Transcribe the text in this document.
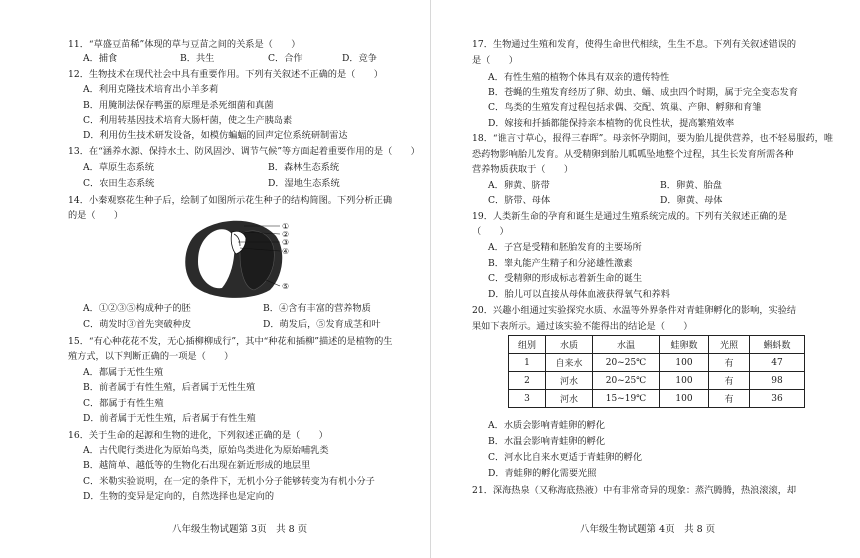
11．“草盛豆苗稀”体现的草与豆苗之间的关系是（　　）
A．捕食	B．共生	C．合作	D．竞争
12．生物技术在现代社会中具有重要作用。下列有关叙述不正确的是（　　）
A．利用克隆技术培育出小羊多莉
B．用腌制法保存鸭蛋的原理是杀死细菌和真菌
C．利用转基因技术培育大肠杆菌，使之生产胰岛素
D．利用仿生技术研发设备，如模仿蝙蝠的回声定位系统研制雷达
13．在“涵养水源、保持水土、防风固沙、调节气候”等方面起着重要作用的是（　　）
A．草原生态系统	B．森林生态系统
C．农田生态系统	D．湿地生态系统
14．小秦观察花生种子后，绘制了如图所示花生种子的结构简图。下列分析正确
的是（　　）
①
②
③
④
⑤
A．①②③⑤构成种子的胚	B．④含有丰富的营养物质
C．萌发时③首先突破种皮	D．萌发后，⑤发育成茎和叶
15．“有心种花花不发，无心插柳柳成行”，其中“种花和插柳”描述的是植物的生
殖方式，以下判断正确的一项是（　　）
A．都属于无性生殖
B．前者属于有性生殖，后者属于无性生殖
C．都属于有性生殖
D．前者属于无性生殖，后者属于有性生殖
16．关于生命的起源和生物的进化，下列叙述正确的是（　　）
A．古代爬行类进化为原始鸟类，原始鸟类进化为原始哺乳类
B．越简单、越低等的生物化石出现在新近形成的地层里
C．米勒实验说明，在一定的条件下，无机小分子能够转变为有机小分子
D．生物的变异是定向的，自然选择也是定向的
八年级生物试题第 3页　共 8 页
17．生物通过生殖和发育，使得生命世代相续，生生不息。下列有关叙述错误的
是（　　）
A．有性生殖的植物个体具有双亲的遗传特性
B．苍蝇的生殖发育经历了卵、幼虫、蛹、成虫四个时期，属于完全变态发育
C．鸟类的生殖发育过程包括求偶、交配、筑巢、产卵、孵卵和育雏
D．嫁接和扦插都能保持亲本植物的优良性状，提高繁殖效率
18．“谁言寸草心，报得三春晖”。母亲怀孕期间，要为胎儿提供营养，也不轻易服药，唯
恐药物影响胎儿发育。从受精卵到胎儿呱呱坠地整个过程，其生长发育所需各种
营养物质获取于（　　）
A．卵黄、脐带	B．卵黄、胎盘
C．脐带、母体	D．卵黄、母体
19．人类新生命的孕育和诞生是通过生殖系统完成的。下列有关叙述正确的是
（　　）
A．子宫是受精和胚胎发育的主要场所
B．睾丸能产生精子和分泌雄性激素
C．受精卵的形成标志着新生命的诞生
D．胎儿可以直接从母体血液获得氧气和养料
20．兴趣小组通过实验探究水质、水温等外界条件对青蛙卵孵化的影响，实验结
果如下表所示。通过该实验不能得出的结论是（　　）
组别	水质	水温	蛙卵数	光照	蝌蚪数
1	自来水	20~25℃	100	有	47
2	河水	20~25℃	100	有	98
3	河水	15~19℃	100	有	36
A．水质会影响青蛙卵的孵化
B．水温会影响青蛙卵的孵化
C．河水比自来水更适于青蛙卵的孵化
D．青蛙卵的孵化需要光照
21．深海热泉（又称海底热液）中有非常奇异的现象：蒸汽腾腾，热浪滚滚，却
八年级生物试题第 4页　共 8 页
